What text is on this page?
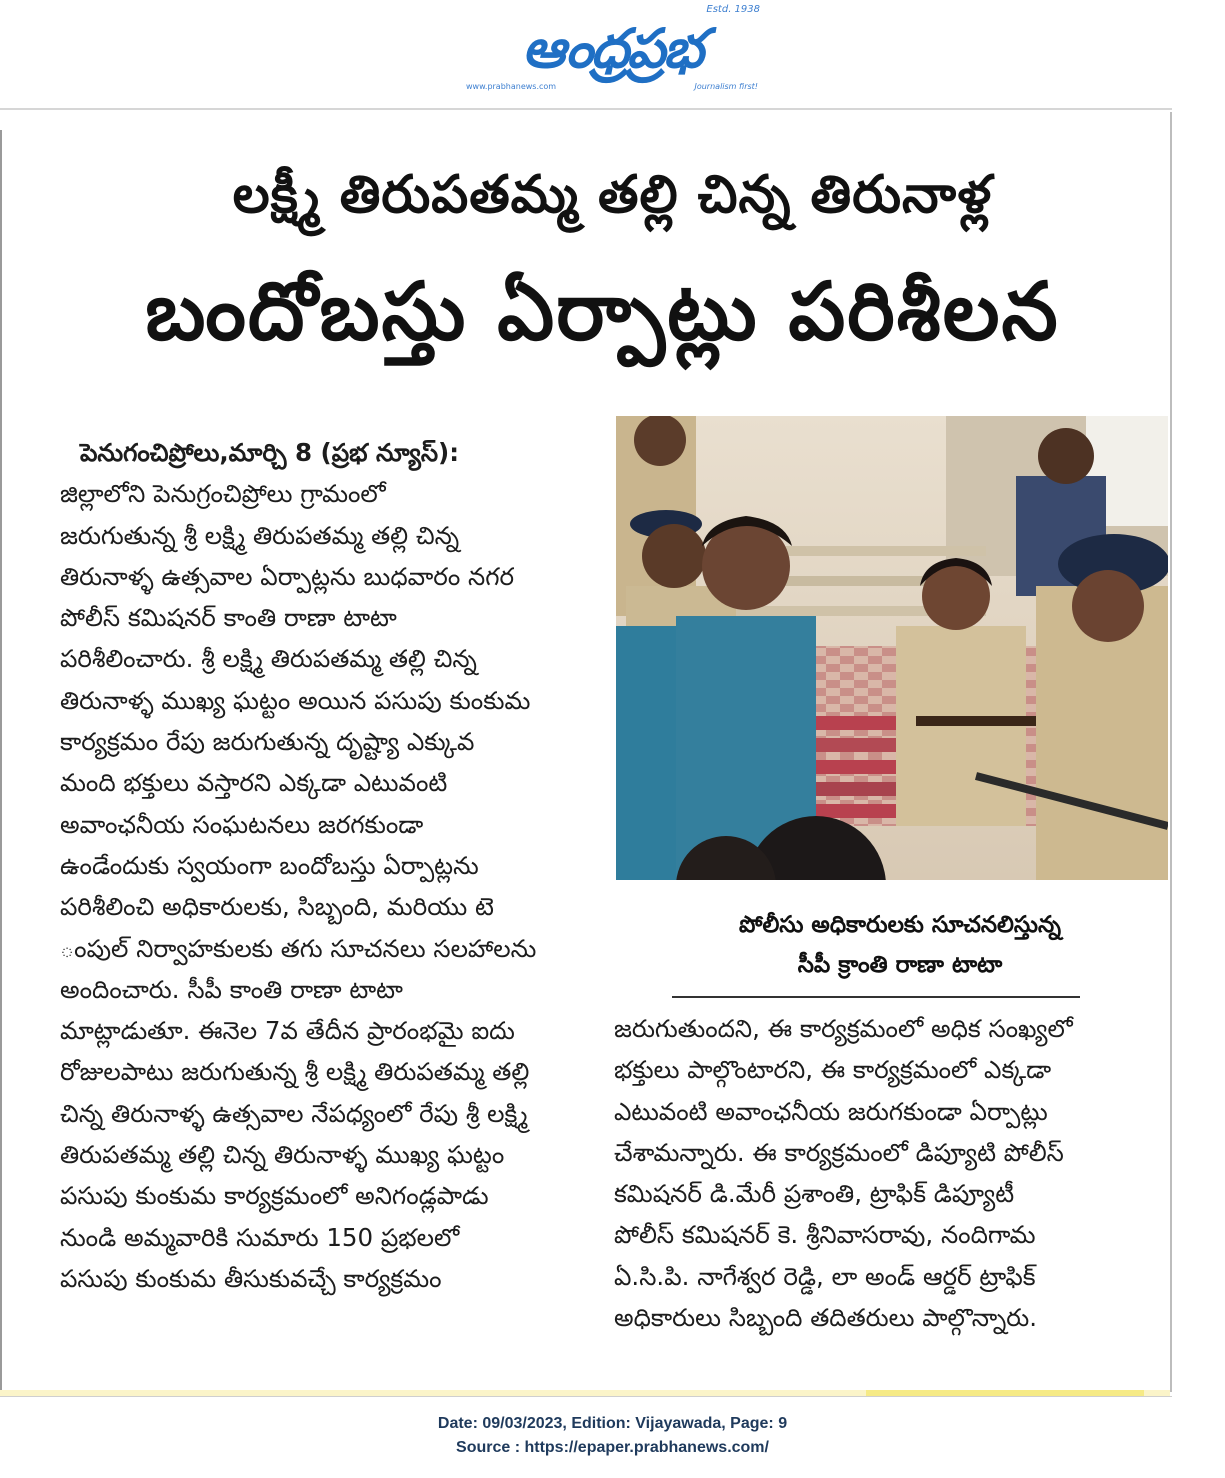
Estd. 1938
ఆంధ్రప్రభ
www.prabhanews.com	Journalism first!
లక్ష్మీ తిరుపతమ్మ తల్లి చిన్న తిరునాళ్ల
బందోబస్తు ఏర్పాట్లు పరిశీలన

పెనుగంచిప్రోలు,మార్చి 8 (ప్రభ న్యూస్):
జిల్లాలోని పెనుగ్రంచిప్రోలు గ్రామంలో
జరుగుతున్న శ్రీ లక్ష్మి తిరుపతమ్మ తల్లి చిన్న
తిరునాళ్ళ ఉత్సవాల ఏర్పాట్లను బుధవారం నగర
పోలీస్ కమిషనర్ కాంతి రాణా టాటా
పరిశీలించారు. శ్రీ లక్ష్మి తిరుపతమ్మ తల్లి చిన్న
తిరునాళ్ళ ముఖ్య ఘట్టం అయిన పసుపు కుంకుమ
కార్యక్రమం రేపు జరుగుతున్న దృష్ట్యా ఎక్కువ
మంది భక్తులు వస్తారని ఎక్కడా ఎటువంటి
అవాంఛనీయ సంఘటనలు జరగకుండా
ఉండేందుకు స్వయంగా బందోబస్తు ఏర్పాట్లను
పరిశీలించి అధికారులకు, సిబ్బంది, మరియు టె
ంపుల్ నిర్వాహకులకు తగు సూచనలు సలహాలను
అందించారు. సీపీ కాంతి రాణా టాటా
మాట్లాడుతూ. ఈనెల 7వ తేదీన ప్రారంభమై ఐదు
రోజులపాటు జరుగుతున్న శ్రీ లక్ష్మి తిరుపతమ్మ తల్లి
చిన్న తిరునాళ్ళ ఉత్సవాల నేపధ్యంలో రేపు శ్రీ లక్ష్మి
తిరుపతమ్మ తల్లి చిన్న తిరునాళ్ళ ముఖ్య ఘట్టం
పసుపు కుంకుమ కార్యక్రమంలో అనిగండ్లపాడు
నుండి అమ్మవారికి సుమారు 150 ప్రభలలో
పసుపు కుంకుమ తీసుకువచ్చే కార్యక్రమం

పోలీసు అధికారులకు సూచనలిస్తున్న
సీపీ క్రాంతి రాణా టాటా

జరుగుతుందని, ఈ కార్యక్రమంలో అధిక సంఖ్యలో
భక్తులు పాల్గొంటారని, ఈ కార్యక్రమంలో ఎక్కడా
ఎటువంటి అవాంఛనీయ జరుగకుండా ఏర్పాట్లు
చేశామన్నారు. ఈ కార్యక్రమంలో డిప్యూటి పోలీస్
కమిషనర్ డి.మేరీ ప్రశాంతి, ట్రాఫిక్ డిప్యూటీ
పోలీస్ కమిషనర్ కె. శ్రీనివాసరావు, నందిగామ
ఏ.సి.పి. నాగేశ్వర రెడ్డి, లా అండ్ ఆర్డర్ ట్రాఫిక్
అధికారులు సిబ్బంది తదితరులు పాల్గొన్నారు.

Date: 09/03/2023, Edition: Vijayawada, Page: 9
Source : https://epaper.prabhanews.com/
